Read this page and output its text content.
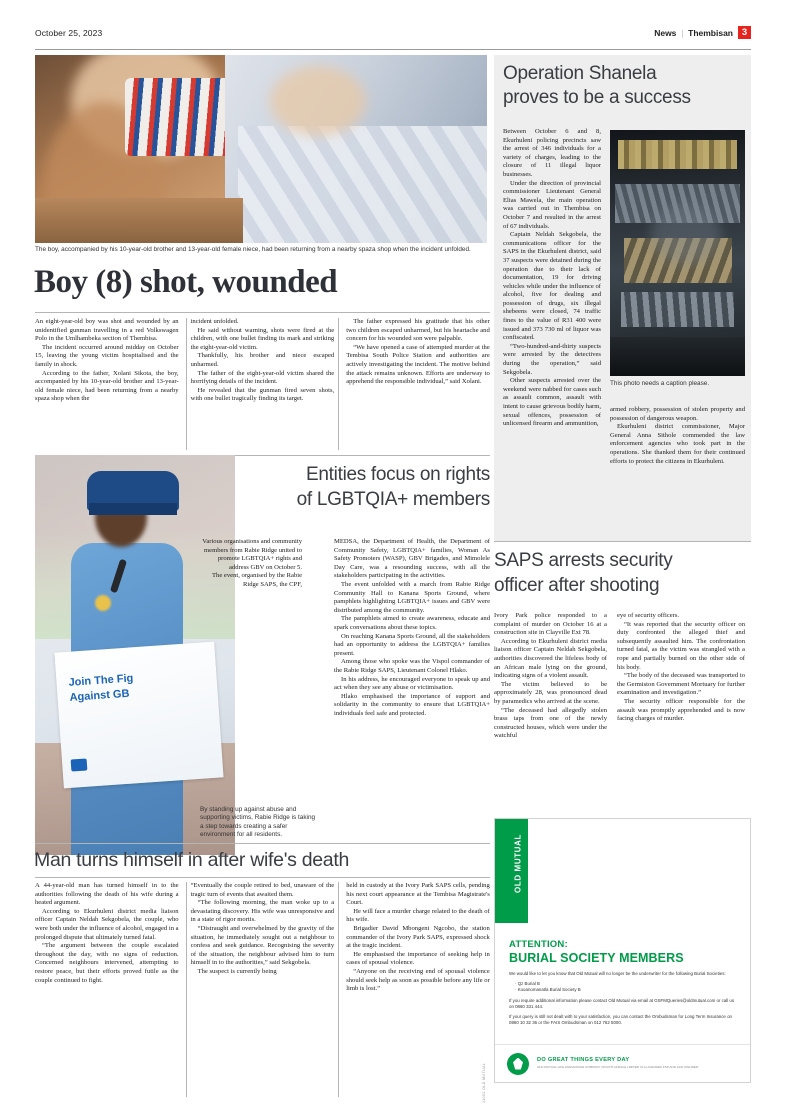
October 25, 2023	News | Thembisan 3
The boy, accompanied by his 10-year-old brother and 13-year-old female niece, had been returning from a nearby spaza shop when the incident unfolded.
Boy (8) shot, wounded

An eight-year-old boy was shot and wounded by an unidentified gunman travelling in a red Volkswagen Polo in the Umlhambeka section of Thembisa.

The incident occurred around midday on October 15, leaving the young victim hospitalised and the family in shock.

According to the father, Xolani Sikota, the boy, accompanied by his 10-year-old brother and 13-year-old female niece, had been returning from a nearby spaza shop when the

incident unfolded.

He said without warning, shots were fired at the children, with one bullet finding its mark and striking the eight-year-old victim.

Thankfully, his brother and niece escaped unharmed.

The father of the eight-year-old victim shared the horrifying details of the incident.

He revealed that the gunman fired seven shots, with one bullet tragically finding its target.

The father expressed his gratitude that his other two children escaped unharmed, but his heartache and concern for his wounded son were palpable.

“We have opened a case of attempted murder at the Tembisa South Police Station and authorities are actively investigating the incident. The motive behind the attack remains unknown. Efforts are underway to apprehend the responsible individual,” said Xolani.

Operation Shanela
proves to be a success

Between October 6 and 8, Ekurhuleni policing precincts saw the arrest of 346 individuals for a variety of charges, leading to the closure of 11 illegal liquor businesses.

Under the direction of provincial commissioner Lieutenant General Elias Mawela, the main operation was carried out in Thembisa on October 7 and resulted in the arrest of 67 individuals.

Captain Neldah Sekgobela, the communications officer for the SAPS in the Ekurhuleni district, said 37 suspects were detained during the operation due to their lack of documentation, 19 for driving vehicles while under the influence of alcohol, five for dealing and possession of drugs, six illegal shebeens were closed, 74 traffic fines to the value of R31 400 were issued and 373 730 ml of liquor was confiscated.

“Two-hundred-and-thirty suspects were arrested by the detectives during the operation,” said Sekgobela.

Other suspects arrested over the weekend were nabbed for cases such as assault common, assault with intent to cause grievous bodily harm, sexual offences, possession of unlicensed firearm and ammunition,

This photo needs a caption please.

armed robbery, possession of stolen property and possession of dangerous weapon.

Ekurhuleni district commissioner, Major General Anna Sithole commended the law enforcement agencies who took part in the operations. She thanked them for their continued efforts to protect the citizens in Ekurhuleni.

Entities focus on rights
of LGBTQIA+ members
Join The Fig
Against GB

Various organisations and community members from Rabie Ridge united to promote LGBTQIA+ rights and address GBV on October 5.

The event, organised by the Rabie Ridge SAPS, the CPF,

MEDSA, the Department of Health, the Department of Community Safety, LGBTQIA+ families, Woman As Safety Promoters (WASP), GBV Brigades, and Mimolele Day Care, was a resounding success, with all the stakeholders participating in the activities.

The event unfolded with a march from Rabie Ridge Community Hall to Kanana Sports Ground, where pamphlets highlighting LGBTQIA+ issues and GBV were distributed among the community.

The pamphlets aimed to create awareness, educate and spark conversations about these topics.

On reaching Kanana Sports Ground, all the stakeholders had an opportunity to address the LGBTQIA+ families present.

Among those who spoke was the Vispol commander of the Rabie Ridge SAPS, Lieutenant Colonel Hlako.

In his address, he encouraged everyone to speak up and act when they see any abuse or victimisation.

Hlako emphasised the importance of support and solidarity in the community to ensure that LGBTQIA+ individuals feel safe and protected.

By standing up against abuse and supporting victims, Rabie Ridge is taking a step towards creating a safer environment for all residents.
SAPS arrests security
officer after shooting

Ivory Park police responded to a complaint of murder on October 16 at a construction site in Clayville Ext 78.

According to Ekurhuleni district media liaison officer Captain Neldah Sekgobela, authorities discovered the lifeless body of an African male lying on the ground, indicating signs of a violent assault.

The victim believed to be approximately 28, was pronounced dead by paramedics who arrived at the scene.

“The deceased had allegedly stolen brass taps from one of the newly constructed houses, which were under the watchful

eye of security officers.

“It was reported that the security officer on duty confronted the alleged thief and subsequently assaulted him. The confrontation turned fatal, as the victim was strangled with a rope and partially burned on the other side of his body.

“The body of the deceased was transported to the Germiston Government Mortuary for further examination and investigation.”

The security officer responsible for the assault was promptly apprehended and is now facing charges of murder.

Man turns himself in after wife's death

A 44-year-old man has turned himself in to the authorities following the death of his wife during a heated argument.

According to Ekurhuleni district media liaison officer Captain Neldah Sekgobela, the couple, who were both under the influence of alcohol, engaged in a prolonged dispute that ultimately turned fatal.

“The argument between the couple escalated throughout the day, with no signs of reduction. Concerned neighbours intervened, attempting to restore peace, but their efforts proved futile as the couple continued to fight.

“Eventually the couple retired to bed, unaware of the tragic turn of events that awaited them.

“The following morning, the man woke up to a devastating discovery. His wife was unresponsive and in a state of rigor mortis.

“Distraught and overwhelmed by the gravity of the situation, he immediately sought out a neighbour to confess and seek guidance. Recognising the severity of the situation, the neighbour advised him to turn himself in to the authorities,” said Sekgobela.

The suspect is currently being

held in custody at the Ivory Park SAPS cells, pending his next court appearance at the Tembisa Magistrate's Court.

He will face a murder charge related to the death of his wife.

Brigadier David Mbongeni Ngcobo, the station commander of the Ivory Park SAPS, expressed shock at the tragic incident.

He emphasised the importance of seeking help in cases of spousal violence.

“Anyone on the receiving end of spousal violence should seek help as soon as possible before any life or limb is lost.”

OLD MUTUAL
ATTENTION:
BURIAL SOCIETY MEMBERS

We would like to let you know that Old Mutual will no longer be the underwriter for the following Burial Societies:

· Qz Burial B
· Kooanomanatla Burial Society B

If you require additional information please contact Old Mutual via email at GSFMQueries@oldmutual.com or call us on 0860 331 444.

If your query is still not dealt with to your satisfaction, you can contact the Ombudsman for Long Term Insurance on 0860 10 32 36 or the FAIS Ombudsman on 012 762 5000.

DO GREAT THINGS EVERY DAY
OLD MUTUAL LIFE ASSURANCE COMPANY (SOUTH AFRICA) LIMITED IS A LICENSED FSP AND LIFE INSURER.
11002 OLD MUTUAL
